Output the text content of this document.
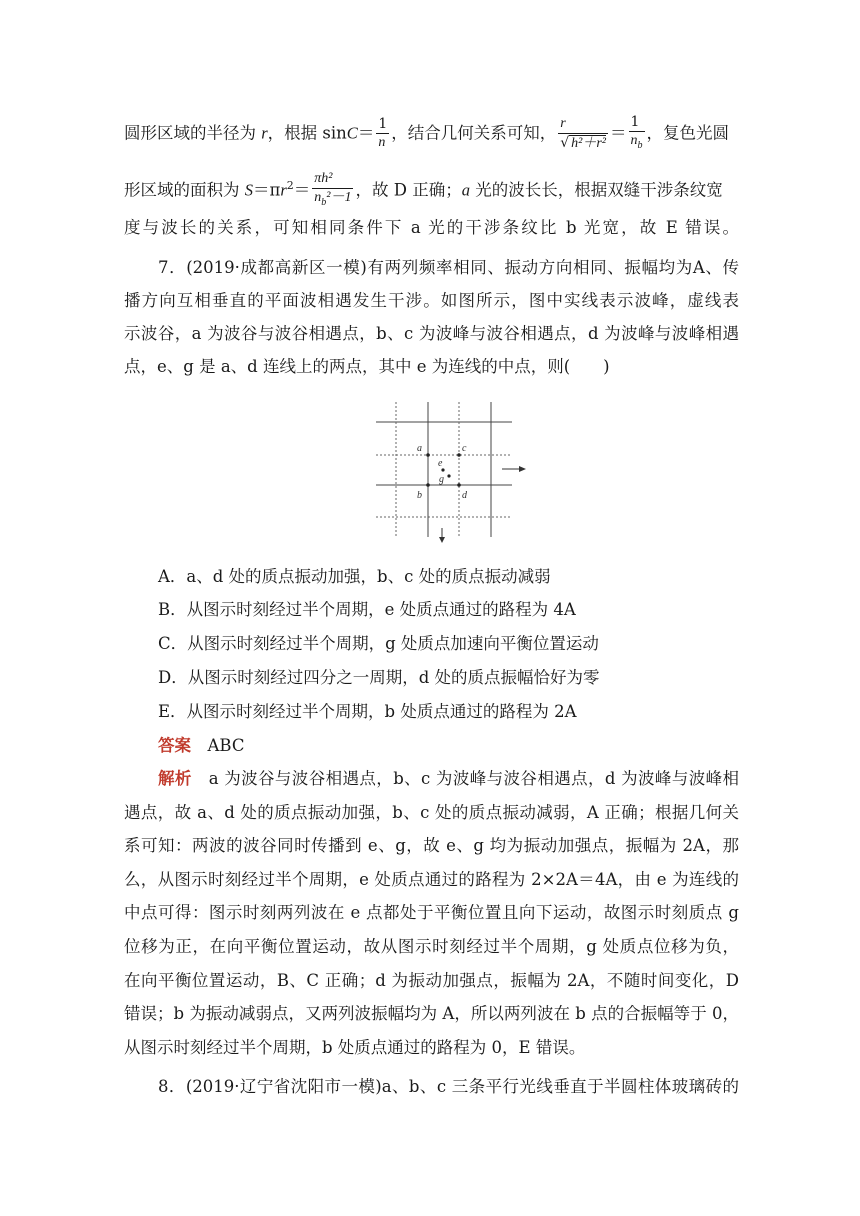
圆形区域的半径为 r，根据 $\sin C= \frac{1}{n}$ ，结合几何关系可知， $\frac{r}{\text{√ h²＋r²}} = \frac{1}{n_b}$ ，复色光圆
形区域的面积为 $S=\pi r^2= \frac{\text{πh²}}{n_b^2-1}$ ，故 D 正确；a 光的波长长，根据双缝干涉条纹宽
度与波长的关系，可知相同条件下 a 光的干涉条纹比 b 光宽，故 E 错误。
7．(2019·成都高新区一模)有两列频率相同、振动方向相同、振幅均为A、传
播方向互相垂直的平面波相遇发生干涉。如图所示，图中实线表示波峰，虚线表
示波谷，a 为波谷与波谷相遇点，b、c 为波峰与波谷相遇点，d 为波峰与波峰相遇
点，e、g 是 a、d 连线上的两点，其中 e 为连线的中点，则(　　)
a	c
b	d
e
g
A．a、d 处的质点振动加强，b、c 处的质点振动减弱
B．从图示时刻经过半个周期，e 处质点通过的路程为 4A
C．从图示时刻经过半个周期，g 处质点加速向平衡位置运动
D．从图示时刻经过四分之一周期，d 处的质点振幅恰好为零
E．从图示时刻经过半个周期，b 处质点通过的路程为 2A
答案　 ABC
解析　 a 为波谷与波谷相遇点，b、c 为波峰与波谷相遇点，d 为波峰与波峰相
遇点，故 a、d 处的质点振动加强，b、c 处的质点振动减弱，A 正确；根据几何关
系可知：两波的波谷同时传播到 e、g，故 e、g 均为振动加强点，振幅为 2A，那
么，从图示时刻经过半个周期，e 处质点通过的路程为 2×2A＝4A，由 e 为连线的
中点可得：图示时刻两列波在 e 点都处于平衡位置且向下运动，故图示时刻质点 g
位移为正，在向平衡位置运动，故从图示时刻经过半个周期，g 处质点位移为负，
在向平衡位置运动，B、C 正确；d 为振动加强点，振幅为 2A，不随时间变化，D
错误；b 为振动减弱点，又两列波振幅均为 A，所以两列波在 b 点的合振幅等于 0，
从图示时刻经过半个周期，b 处质点通过的路程为 0，E 错误。
8．(2019·辽宁省沈阳市一模)a、b、c 三条平行光线垂直于半圆柱体玻璃砖的
